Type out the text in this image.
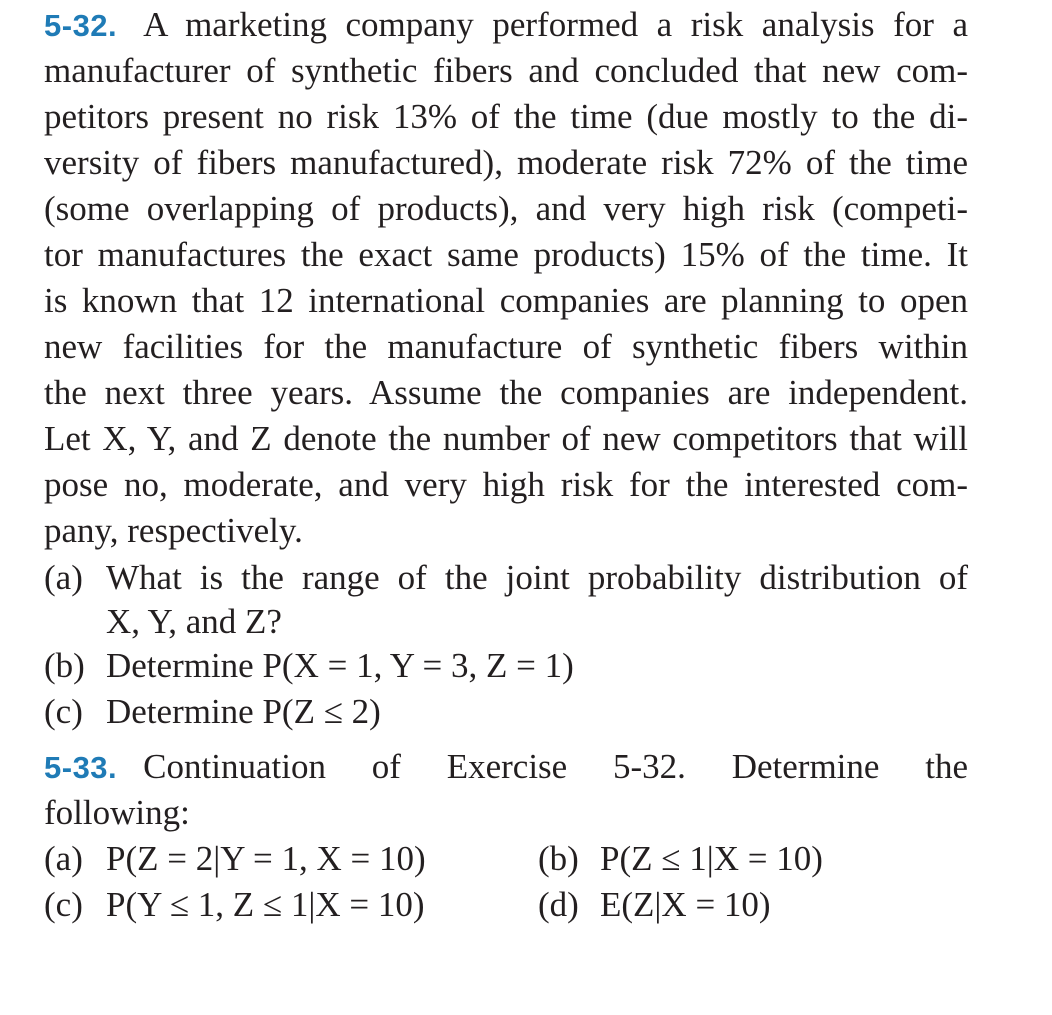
5-32. A marketing company performed a risk analysis for a
manufacturer of synthetic fibers and concluded that new com-
petitors present no risk 13% of the time (due mostly to the di-
versity of fibers manufactured), moderate risk 72% of the time
(some overlapping of products), and very high risk (competi-
tor manufactures the exact same products) 15% of the time. It
is known that 12 international companies are planning to open
new facilities for the manufacture of synthetic fibers within
the next three years. Assume the companies are independent.
Let X, Y, and Z denote the number of new competitors that will
pose no, moderate, and very high risk for the interested com-
pany, respectively.
(a) What is the range of the joint probability distribution of
X, Y, and Z?
(b) Determine P(X = 1, Y = 3, Z = 1)
(c) Determine P(Z ≤ 2)
5-33. Continuation of Exercise 5-32. Determine the
following:
(a) P(Z = 2|Y = 1, X = 10)	(b) P(Z ≤ 1|X = 10)
(c) P(Y ≤ 1, Z ≤ 1|X = 10)	(d) E(Z|X = 10)
